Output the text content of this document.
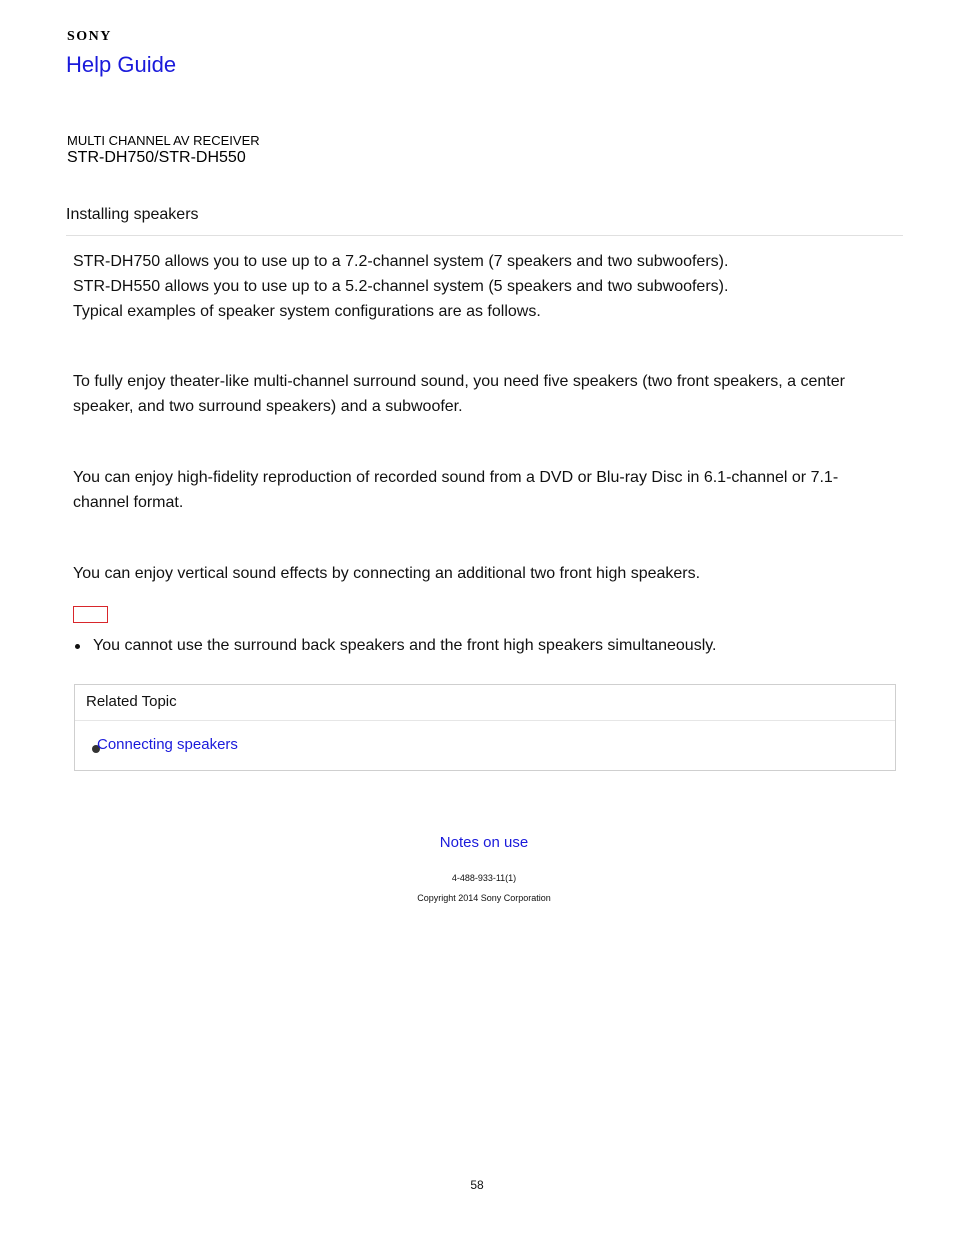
SONY
Help Guide
MULTI CHANNEL AV RECEIVER
STR-DH750/STR-DH550
Installing speakers

STR-DH750 allows you to use up to a 7.2-channel system (7 speakers and two subwoofers).
STR-DH550 allows you to use up to a 5.2-channel system (5 speakers and two subwoofers).
Typical examples of speaker system configurations are as follows.

To fully enjoy theater-like multi-channel surround sound, you need five speakers (two front speakers, a center speaker, and two surround speakers) and a subwoofer.

You can enjoy high-fidelity reproduction of recorded sound from a DVD or Blu-ray Disc in 6.1-channel or 7.1-channel format.

You can enjoy vertical sound effects by connecting an additional two front high speakers.

You cannot use the surround back speakers and the front high speakers simultaneously.
Related Topic
Connecting speakers
Notes on use
4-488-933-11(1)
Copyright 2014 Sony Corporation
58
